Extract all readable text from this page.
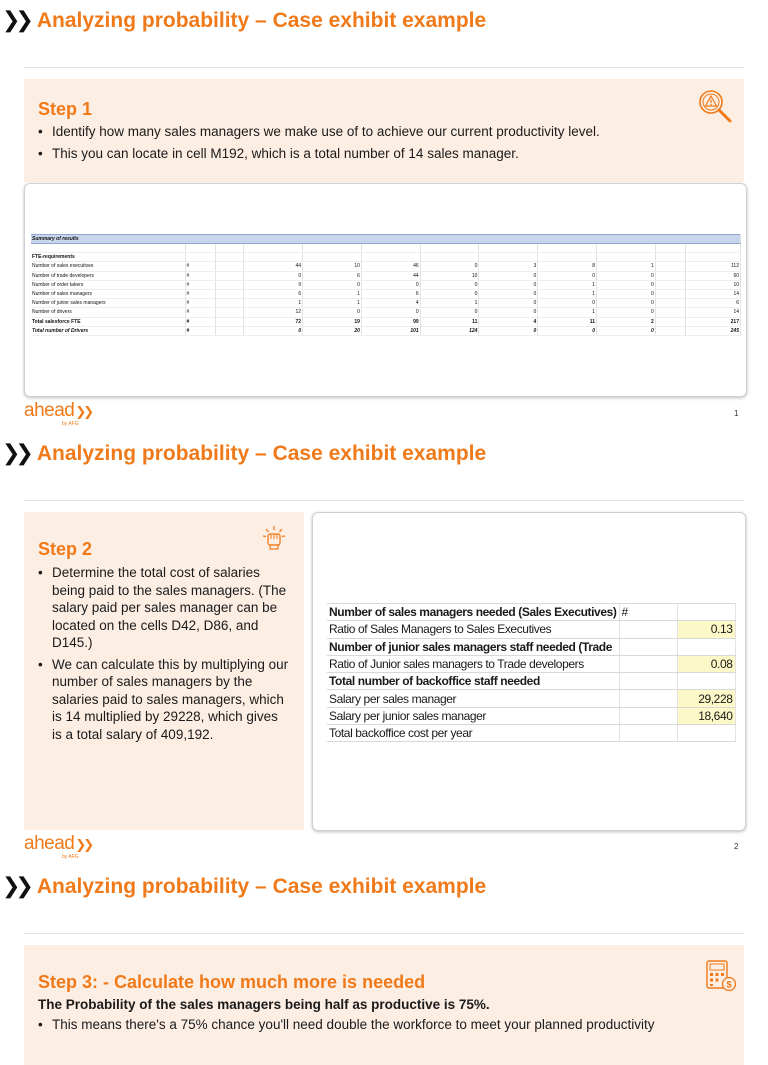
❯❯ Analyzing probability – Case exhibit example
Step 1
• Identify how many sales managers we make use of to achieve our current productivity level.
• This you can locate in cell M192, which is a total number of 14 sales manager.
Summary of results											

FTE-requirements											
Number of sales executives	#		44	10	46	0	3	8	1		112
Number of trade developers	#		0	6	44	10	0	0	0		60
Number of order takers	#		9	0	0	0	0	1	0		10
Number of sales managers	#		6	1	6	0	0	1	0		14
Number of junior sales managers	#		1	1	4	1	0	0	0		6
Number of drivers	#		12	0	0	0	0	1	0		14
Total salesforce FTE	#		72	19	99	11	4	11	2		217
Total number of Drivers	#		0	20	101	124	0	0	0		245
ahead❯❯
by AFG
1
❯❯ Analyzing probability – Case exhibit example
Step 2
• Determine the total cost of salaries being paid to the sales managers. (The salary paid per sales manager can be located on the cells D42, D86, and D145.)
• We can calculate this by multiplying our number of sales managers by the salaries paid to sales managers, which is 14 multiplied by 29228, which gives is a total salary of 409,192.
Number of sales managers needed (Sales Executives)	#	
Ratio of Sales Managers to Sales Executives		0.13
Number of junior sales managers staff needed (Trade		
Ratio of Junior sales managers to Trade developers		0.08
Total number of backoffice staff needed		
Salary per sales manager		29,228
Salary per junior sales manager		18,640
Total backoffice cost per year		
ahead❯❯
by AFG
2
❯❯ Analyzing probability – Case exhibit example
Step 3: - Calculate how much more is needed
The Probability of the sales managers being half as productive is 75%.
• This means there's a 75% chance you'll need double the workforce to meet your planned productivity
$
